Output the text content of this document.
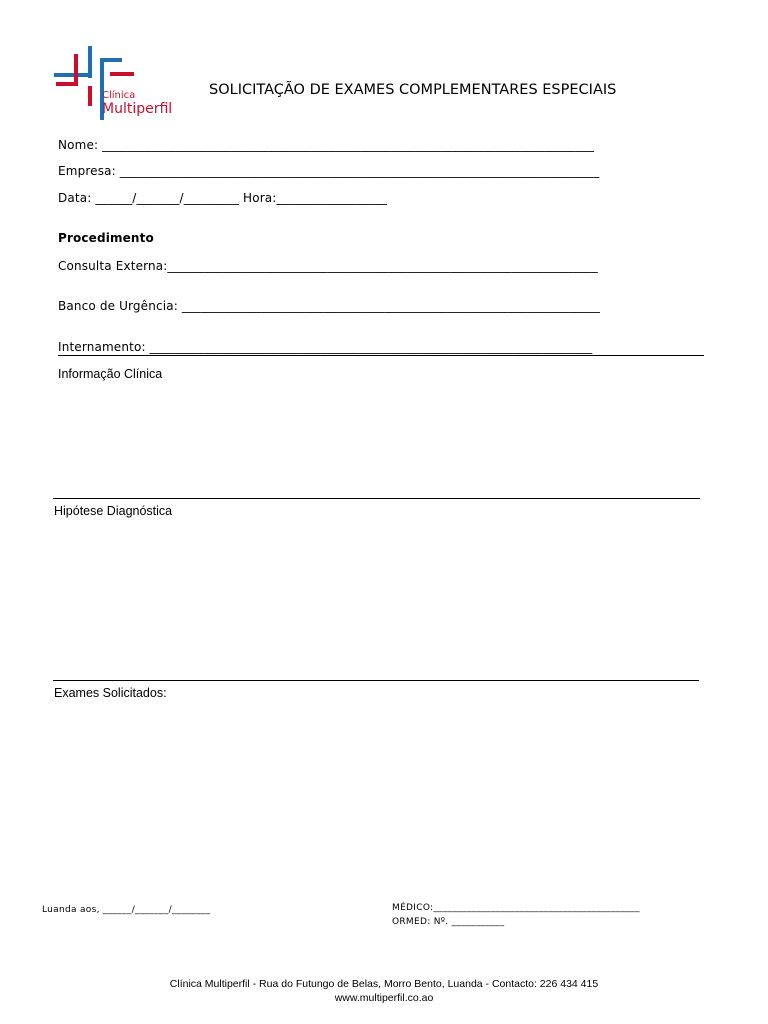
Clínica
Multiperfil
SOLICITAÇÃO DE EXAMES COMPLEMENTARES ESPECIAIS
Nome: ________________________________________________________________________________
Empresa: ______________________________________________________________________________
Data: ______/_______/_________ Hora:__________________
Procedimento
Consulta Externa:______________________________________________________________________
Banco de Urgência: ____________________________________________________________________
Internamento: ________________________________________________________________________
Informação Clínica
Hipótese Diagnóstica
Exames Solicitados:
Luanda aos, ______/_______/________	MÉDICO:___________________________________________
ORMED: Nº. ___________
Clínica Multiperfil - Rua do Futungo de Belas, Morro Bento, Luanda - Contacto: 226 434 415
www.multiperfil.co.ao
